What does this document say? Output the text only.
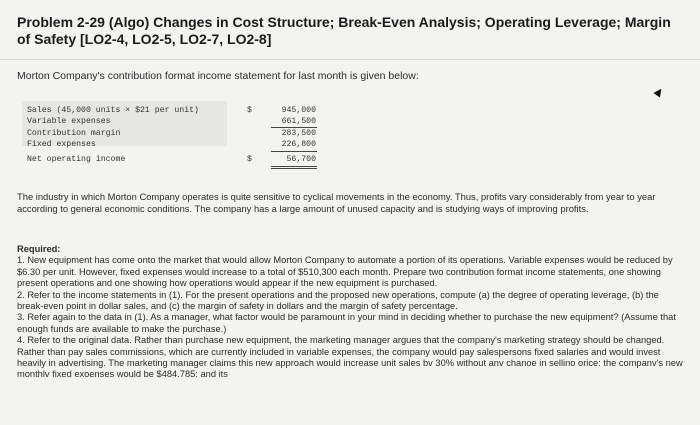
Problem 2-29 (Algo) Changes in Cost Structure; Break-Even Analysis; Operating Leverage; Margin of Safety [LO2-4, LO2-5, LO2-7, LO2-8]
Morton Company's contribution format income statement for last month is given below:
Sales (45,000 units × $21 per unit)	$	945,000
Variable expenses	661,500
Contribution margin	283,500
Fixed expenses	226,800
Net operating income	$	56,700
The industry in which Morton Company operates is quite sensitive to cyclical movements in the economy. Thus, profits vary considerably from year to year according to general economic conditions. The company has a large amount of unused capacity and is studying ways of improving profits.

Required:

1. New equipment has come onto the market that would allow Morton Company to automate a portion of its operations. Variable expenses would be reduced by $6.30 per unit. However, fixed expenses would increase to a total of $510,300 each month. Prepare two contribution format income statements, one showing present operations and one showing how operations would appear if the new equipment is purchased.

2. Refer to the income statements in (1). For the present operations and the proposed new operations, compute (a) the degree of operating leverage, (b) the break-even point in dollar sales, and (c) the margin of safety in dollars and the margin of safety percentage.

3. Refer again to the data in (1). As a manager, what factor would be paramount in your mind in deciding whether to purchase the new equipment? (Assume that enough funds are available to make the purchase.)

4. Refer to the original data. Rather than purchase new equipment, the marketing manager argues that the company's marketing strategy should be changed. Rather than pay sales commissions, which are currently included in variable expenses, the company would pay salespersons fixed salaries and would invest heavily in advertising. The marketing manager claims this new approach would increase unit sales bv 30% without anv chanoe in sellino orice: the companv's new monthlv fixed exoenses would be $484.785: and its
